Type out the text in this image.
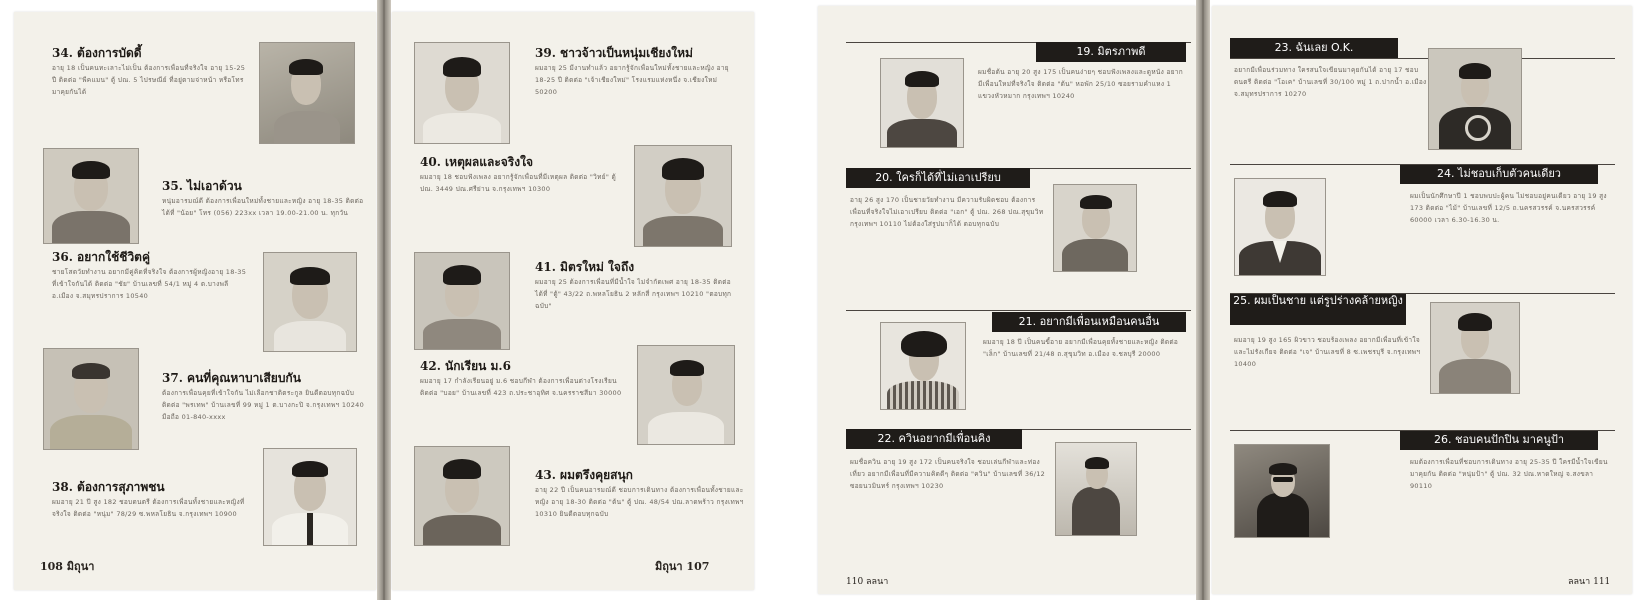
34. ต้องการบัดดี้
อายุ 18 เป็นคนทะเลาะไม่เป็น ต้องการเพื่อนที่จริงใจ อายุ 15-25 ปี ติดต่อ "พีคแมน" ตู้ ปณ. 5 ไปรษณีย์ ที่อยู่ตามจ่าหน้า หรือโทรมาคุยกันได้
35. ไม่เอาด้วน
หนุ่มอารมณ์ดี ต้องการเพื่อนใหม่ทั้งชายและหญิง อายุ 18-35 ติดต่อได้ที่ "น้อย" โทร (056) 223xx เวลา 19.00-21.00 น. ทุกวัน
36. อยากใช้ชีวิตคู่
ชายโสดวัยทำงาน อยากมีคู่คิดที่จริงใจ ต้องการผู้หญิงอายุ 18-35 ที่เข้าใจกันได้ ติดต่อ "ชัย" บ้านเลขที่ 54/1 หมู่ 4 ต.บางพลี อ.เมือง จ.สมุทรปราการ 10540
37. คนที่คุณหาบาเสียบกัน
ต้องการเพื่อนคุยที่เข้าใจกัน ไม่เลือกชาติตระกูล ยินดีตอบทุกฉบับ ติดต่อ "พรเทพ" บ้านเลขที่ 99 หมู่ 1 ต.บางกะปิ จ.กรุงเทพฯ 10240 มือถือ 01-840-xxxx
38. ต้องการสุภาพชน
ผมอายุ 21 ปี สูง 182 ชอบดนตรี ต้องการเพื่อนทั้งชายและหญิงที่จริงใจ ติดต่อ "หนุ่ม" 78/29 ซ.พหลโยธิน จ.กรุงเทพฯ 10900
108 มิถุนา
39. ชาวจ้าวเป็นหนุ่มเชียงใหม่
ผมอายุ 25 มีงานทำแล้ว อยากรู้จักเพื่อนใหม่ทั้งชายและหญิง อายุ 18-25 ปี ติดต่อ "เจ้าเชียงใหม่" โรงแรมแห่งหนึ่ง จ.เชียงใหม่ 50200
40. เหตุผลและจริงใจ
ผมอายุ 18 ชอบฟังเพลง อยากรู้จักเพื่อนที่มีเหตุผล ติดต่อ "วิทย์" ตู้ ปณ. 3449 ปณ.ศรีย่าน จ.กรุงเทพฯ 10300
41. มิตรใหม่ ใจถึง
ผมอายุ 25 ต้องการเพื่อนที่มีน้ำใจ ไม่จำกัดเพศ อายุ 18-35 ติดต่อได้ที่ "ตู้" 43/22 ถ.พหลโยธิน 2 หลักสี่ กรุงเทพฯ 10210 "ตอบทุกฉบับ"
42. นักเรียน ม.6
ผมอายุ 17 กำลังเรียนอยู่ ม.6 ชอบกีฬา ต้องการเพื่อนต่างโรงเรียน ติดต่อ "บอย" บ้านเลขที่ 423 ถ.ประชาอุทิศ จ.นครราชสีมา 30000
43. ผมตรึงคุยสนุก
อายุ 22 ปี เป็นคนอารมณ์ดี ชอบการเดินทาง ต้องการเพื่อนทั้งชายและหญิง อายุ 18-30 ติดต่อ "ต้น" ตู้ ปณ. 48/54 ปณ.ลาดพร้าว กรุงเทพฯ 10310 ยินดีตอบทุกฉบับ
มิถุนา 107
19. มิตรภาพดี
ผมชื่อต้น อายุ 20 สูง 175 เป็นคนง่ายๆ ชอบฟังเพลงและดูหนัง อยากมีเพื่อนใหม่ที่จริงใจ ติดต่อ "ต้น" หอพัก 25/10 ซอยรามคำแหง 1 แขวงหัวหมาก กรุงเทพฯ 10240
20. ใครก็ได้ที่ไม่เอาเปรียบ
อายุ 26 สูง 170 เป็นชายวัยทำงาน มีความรับผิดชอบ ต้องการเพื่อนที่จริงใจไม่เอาเปรียบ ติดต่อ "เอก" ตู้ ปณ. 268 ปณ.สุขุมวิท กรุงเทพฯ 10110 ไม่ต้องใส่รูปมาก็ได้ ตอบทุกฉบับ
21. อยากมีเพื่อนเหมือนคนอื่น
ผมอายุ 18 ปี เป็นคนขี้อาย อยากมีเพื่อนคุยทั้งชายและหญิง ติดต่อ "เล็ก" บ้านเลขที่ 21/48 ถ.สุขุมวิท อ.เมือง จ.ชลบุรี 20000
22. ควินอยากมีเพื่อนคิง
ผมชื่อควิน อายุ 19 สูง 172 เป็นคนจริงใจ ชอบเล่นกีฬาและท่องเที่ยว อยากมีเพื่อนที่มีความคิดดีๆ ติดต่อ "ควิน" บ้านเลขที่ 36/12 ซอยนวมินทร์ กรุงเทพฯ 10230
110 ลลนา
23. ฉันเลย O.K.
อยากมีเพื่อนร่วมทาง ใครสนใจเขียนมาคุยกันได้ อายุ 17 ชอบดนตรี ติดต่อ "โอเค" บ้านเลขที่ 30/100 หมู่ 1 ถ.ปากน้ำ อ.เมือง จ.สมุทรปราการ 10270
24. ไม่ชอบเก็บตัวคนเดียว
ผมเป็นนักศึกษาปี 1 ชอบพบปะผู้คน ไม่ชอบอยู่คนเดียว อายุ 19 สูง 173 ติดต่อ "ไม้" บ้านเลขที่ 12/5 ถ.นครสวรรค์ จ.นครสวรรค์ 60000 เวลา 6.30-16.30 น.
25. ผมเป็นชาย แต่รูปร่างคล้ายหญิง
ผมอายุ 19 สูง 165 ผิวขาว ชอบร้องเพลง อยากมีเพื่อนที่เข้าใจและไม่รังเกียจ ติดต่อ "เจ" บ้านเลขที่ 8 ซ.เพชรบุรี จ.กรุงเทพฯ 10400
26. ชอบคนปักปิน มาคนูป้า
ผมต้องการเพื่อนที่ชอบการเดินทาง อายุ 25-35 ปี ใครมีน้ำใจเขียนมาคุยกัน ติดต่อ "หนุ่มป้า" ตู้ ปณ. 32 ปณ.หาดใหญ่ จ.สงขลา 90110
ลลนา 111
